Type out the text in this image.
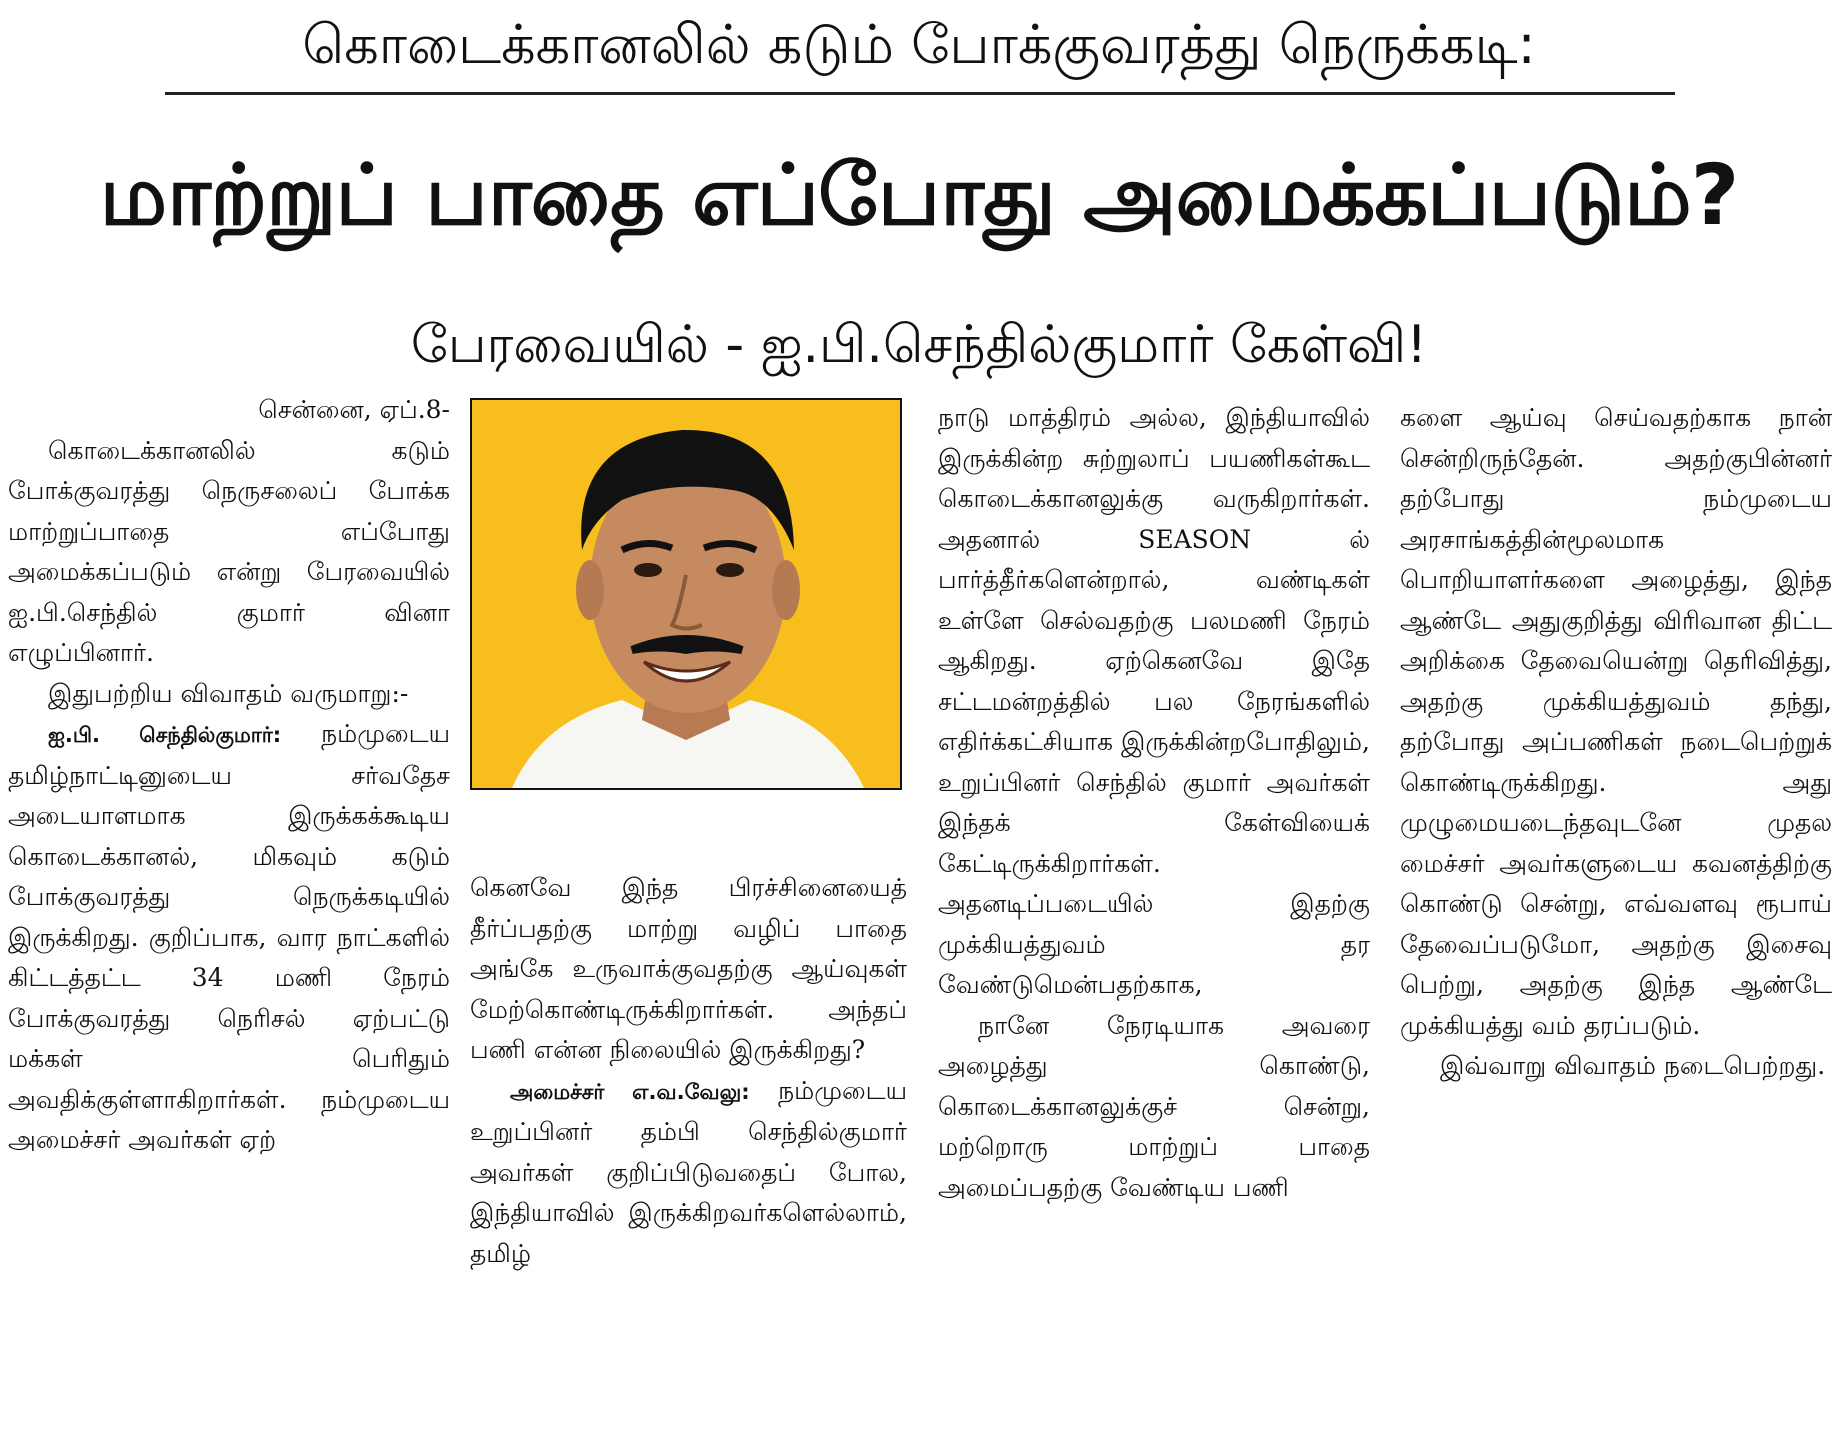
கொடைக்கானலில் கடும் போக்குவரத்து நெருக்கடி:
மாற்றுப் பாதை எப்போது அமைக்கப்படும்?
பேரவையில் - ஐ.பி.செந்தில்குமார் கேள்வி!

சென்னை, ஏப்.8-

கொடைக்கானலில் கடும் போக்குவரத்து நெருசலைப் போக்க மாற்றுப்பாதை எப்போது அமைக்கப்படும் என்று பேரவையில் ஐ.பி.செந்தில் குமார் வினா எழுப்பினார்.

இதுபற்றிய விவாதம் வருமாறு:-

ஐ.பி. செந்தில்குமார்: நம்முடைய தமிழ்நாட்டினுடைய சர்வதேச அடையாளமாக இருக்கக்கூடிய கொடைக்கானல், மிகவும் கடும் போக்குவரத்து நெருக்கடியில் இருக்கிறது. குறிப்பாக, வார நாட்களில் கிட்டத்தட்ட 34 மணி நேரம் போக்குவரத்து நெரிசல் ஏற்பட்டு மக்கள் பெரிதும் அவதிக்குள்ளாகிறார்கள். நம்முடைய அமைச்சர் அவர்கள் ஏற்

கெனவே இந்த பிரச்சினையைத் தீர்ப்பதற்கு மாற்று வழிப் பாதை அங்கே உருவாக்குவதற்கு ஆய்வுகள் மேற்கொண்டிருக்கிறார்கள். அந்தப் பணி என்ன நிலையில் இருக்கிறது?

அமைச்சர் எ.வ.வேலு: நம்முடைய உறுப்பினர் தம்பி செந்தில்குமார் அவர்கள் குறிப்பிடுவதைப் போல, இந்தியாவில் இருக்கிறவர்களெல்லாம், தமிழ்

நாடு மாத்திரம் அல்ல, இந்தியாவில் இருக்கின்ற சுற்றுலாப் பயணிகள்கூட கொடைக்கானலுக்கு வருகிறார்கள். அதனால் SEASON ல் பார்த்தீர்களென்றால், வண்டிகள் உள்ளே செல்வதற்கு பலமணி நேரம் ஆகிறது. ஏற்கெனவே இதே சட்டமன்றத்தில் பல நேரங்களில் எதிர்க்கட்சியாக இருக்கின்றபோதிலும், உறுப்பினர் செந்தில் குமார் அவர்கள் இந்தக் கேள்வியைக் கேட்டிருக்கிறார்கள். அதனடிப்படையில் இதற்கு முக்கியத்துவம் தர வேண்டுமென்பதற்காக,

நானே நேரடியாக அவரை அழைத்து கொண்டு, கொடைக்கானலுக்குச் சென்று, மற்றொரு மாற்றுப் பாதை அமைப்பதற்கு வேண்டிய பணி

களை ஆய்வு செய்வதற்காக நான் சென்றிருந்தேன். அதற்குபின்னர் தற்போது நம்முடைய அரசாங்கத்தின்மூலமாக பொறியாளர்களை அழைத்து, இந்த ஆண்டே அதுகுறித்து விரிவான திட்ட அறிக்கை தேவையென்று தெரிவித்து, அதற்கு முக்கியத்துவம் தந்து, தற்போது அப்பணிகள் நடைபெற்றுக் கொண்டிருக்கிறது. அது முழுமையடைந்தவுடனே முதல மைச்சர் அவர்களுடைய கவனத்திற்கு கொண்டு சென்று, எவ்வளவு ரூபாய் தேவைப்படுமோ, அதற்கு இசைவு பெற்று, அதற்கு இந்த ஆண்டே முக்கியத்து வம் தரப்படும்.

இவ்வாறு விவாதம் நடைபெற்றது.
